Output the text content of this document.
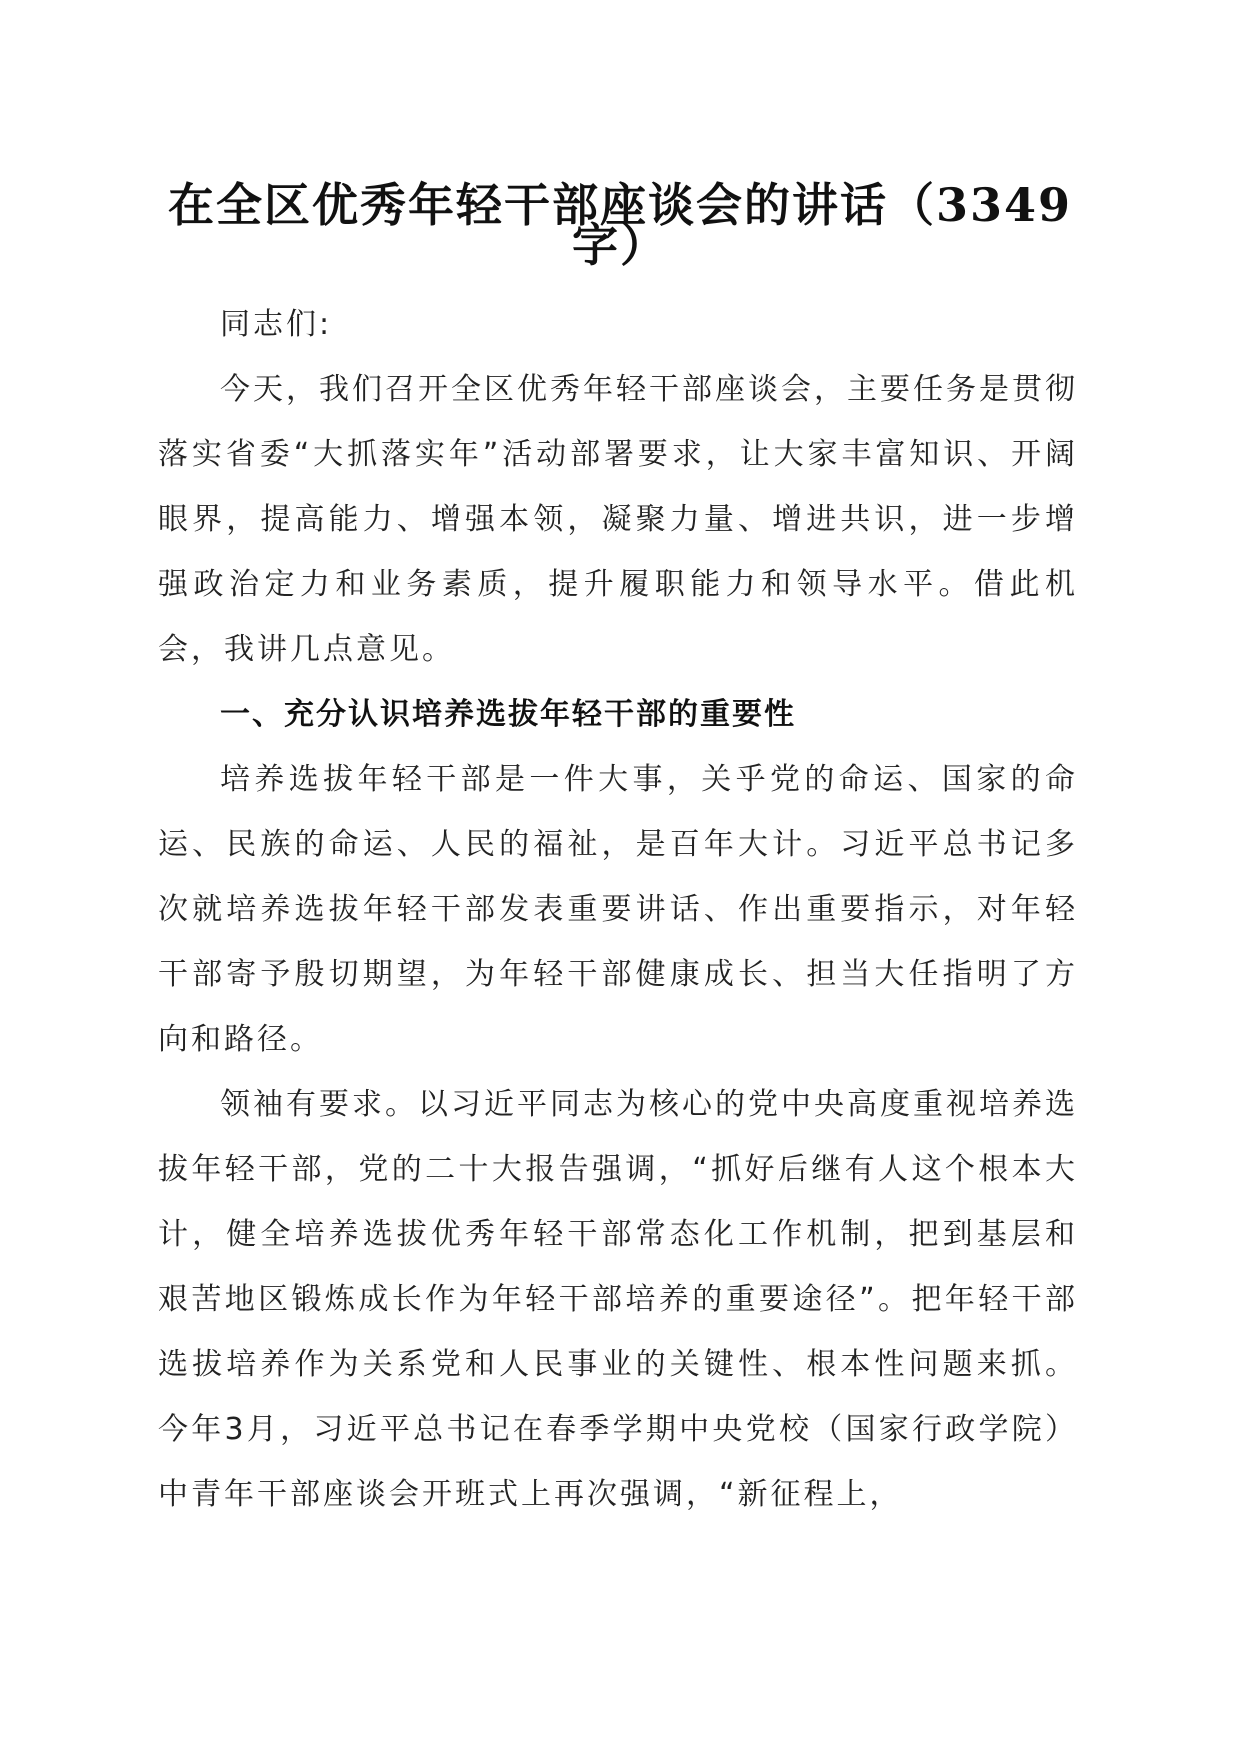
在全区优秀年轻干部座谈会的讲话（3349
字）

同志们:

今天，我们召开全区优秀年轻干部座谈会，主要任务是贯彻落实省委“大抓落实年”活动部署要求，让大家丰富知识、开阔眼界，提高能力、增强本领，凝聚力量、增进共识，进一步增强政治定力和业务素质，提升履职能力和领导水平。借此机会，我讲几点意见。

一、充分认识培养选拔年轻干部的重要性

培养选拔年轻干部是一件大事，关乎党的命运、国家的命运、民族的命运、人民的福祉，是百年大计。习近平总书记多次就培养选拔年轻干部发表重要讲话、作出重要指示，对年轻干部寄予殷切期望，为年轻干部健康成长、担当大任指明了方向和路径。

领袖有要求。以习近平同志为核心的党中央高度重视培养选拔年轻干部，党的二十大报告强调，“抓好后继有人这个根本大计，健全培养选拔优秀年轻干部常态化工作机制，把到基层和艰苦地区锻炼成长作为年轻干部培养的重要途径”。把年轻干部选拔培养作为关系党和人民事业的关键性、根本性问题来抓。今年3月，习近平总书记在春季学期中央党校（国家行政学院）中青年干部座谈会开班式上再次强调，“新征程上，
